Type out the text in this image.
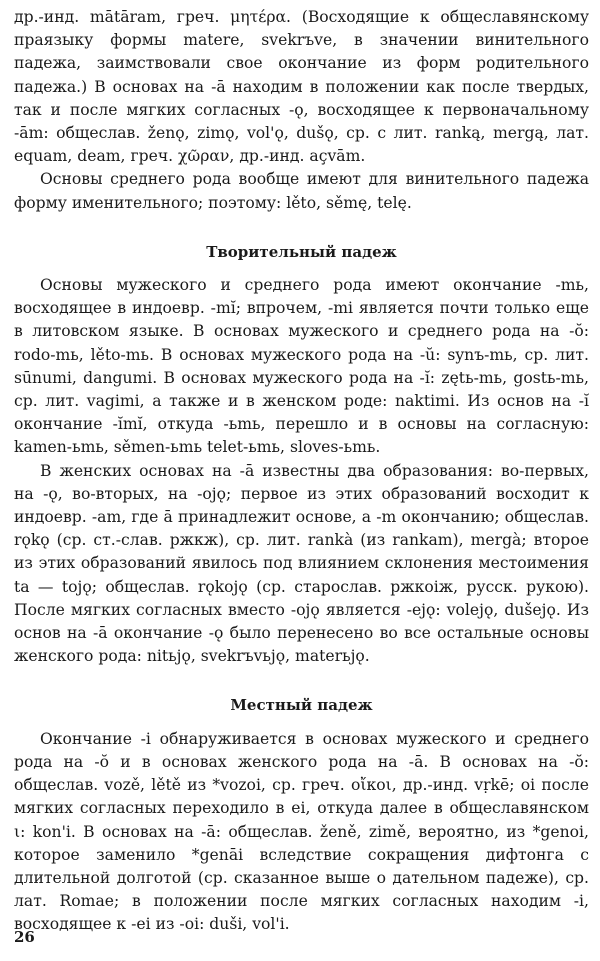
др.-инд. mātāram, греч. μητέρα. (Восходящие к общеславянскому праязыку формы matere, svekrъve, в значении винительного падежа, заимствовали свое окончание из форм родительного падежа.) В основах на -ā находим в положении как после твердых, так и после мягких согласных -ǫ, восходящее к первоначальному -ām: общеслав. ženǫ, zimǫ, vol'ǫ, dušǫ, ср. с лит. ranką, mergą, лат. equam, deam, греч. χῶραν, др.-инд. açvām.

Основы среднего рода вообще имеют для винительного падежа форму именительного; поэтому: lěto, sěmę, telę.

Творительный падеж

Основы мужеского и среднего рода имеют окончание -mь, восходящее в индоевр. -mĭ; впрочем, -mi является почти только еще в литовском языке. В основах мужеского и среднего рода на -ŏ: rodo-mь, lěto-mь. В основах мужеского рода на -ŭ: synъ-mь, ср. лит. sūnumi, dangumi. В основах мужеского рода на -ĭ: zętь-mь, gostь-mь, ср. лит. vagimi, а также и в женском роде: naktimi. Из основ на -ĭ окончание -ĭmĭ, откуда -ьmь, перешло и в основы на согласную: kamen-ьmь, sěmen-ьmь telet-ьmь, sloves-ьmь.

В женских основах на -ā известны два образования: во-первых, на -ǫ, во-вторых, на -ojǫ; первое из этих образований восходит к индоевр. -am, где ā принадлежит основе, а -m окончанию; общеслав. rǫkǫ (ср. ст.-слав. ржкж), ср. лит. rankà (из rankam), mergà; второе из этих образований явилось под влиянием склонения местоимения ta — tojǫ; общеслав. rǫkojǫ (ср. старослав. ржкоіж, русск. рукою). После мягких согласных вместо -ojǫ является -ejǫ: volejǫ, dušejǫ. Из основ на -ā окончание -ǫ было перенесено во все остальные основы женского рода: nitьjǫ, svekrъvьjǫ, materьjǫ.

Местный падеж

Окончание -i обнаруживается в основах мужеского и среднего рода на -ŏ и в основах женского рода на -ā. В основах на -ŏ: общеслав. vozě, lětě из *vozoi, ср. греч. οἴκοι, др.-инд. vṛkē; oi после мягких согласных переходило в ei, откуда далее в общеславянском ι: kon'i. В основах на -ā: общеслав. ženě, zimě, вероятно, из *genoi, которое заменило *genāi вследствие сокращения дифтонга с длительной долготой (ср. сказанное выше о дательном падеже), ср. лат. Romae; в положении после мягких согласных находим -i, восходящее к -ei из -oi: duši, vol'i.

26
